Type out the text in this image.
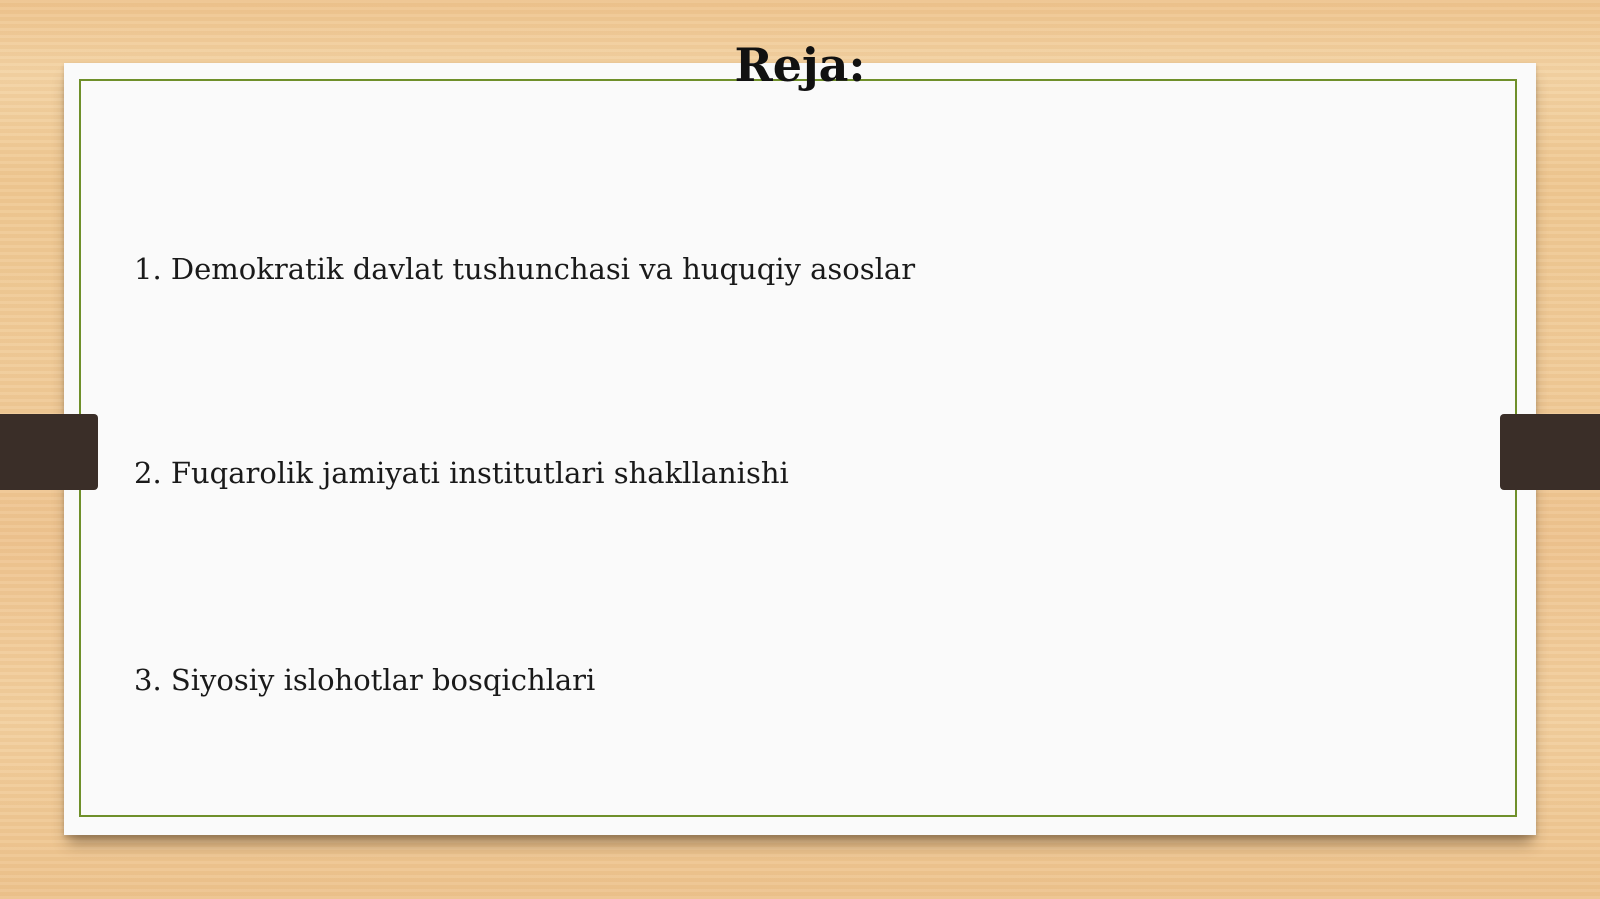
Reja:

1. Demokratik davlat tushunchasi va huquqiy asoslar

2. Fuqarolik jamiyati institutlari shakllanishi

3. Siyosiy islohotlar bosqichlari
